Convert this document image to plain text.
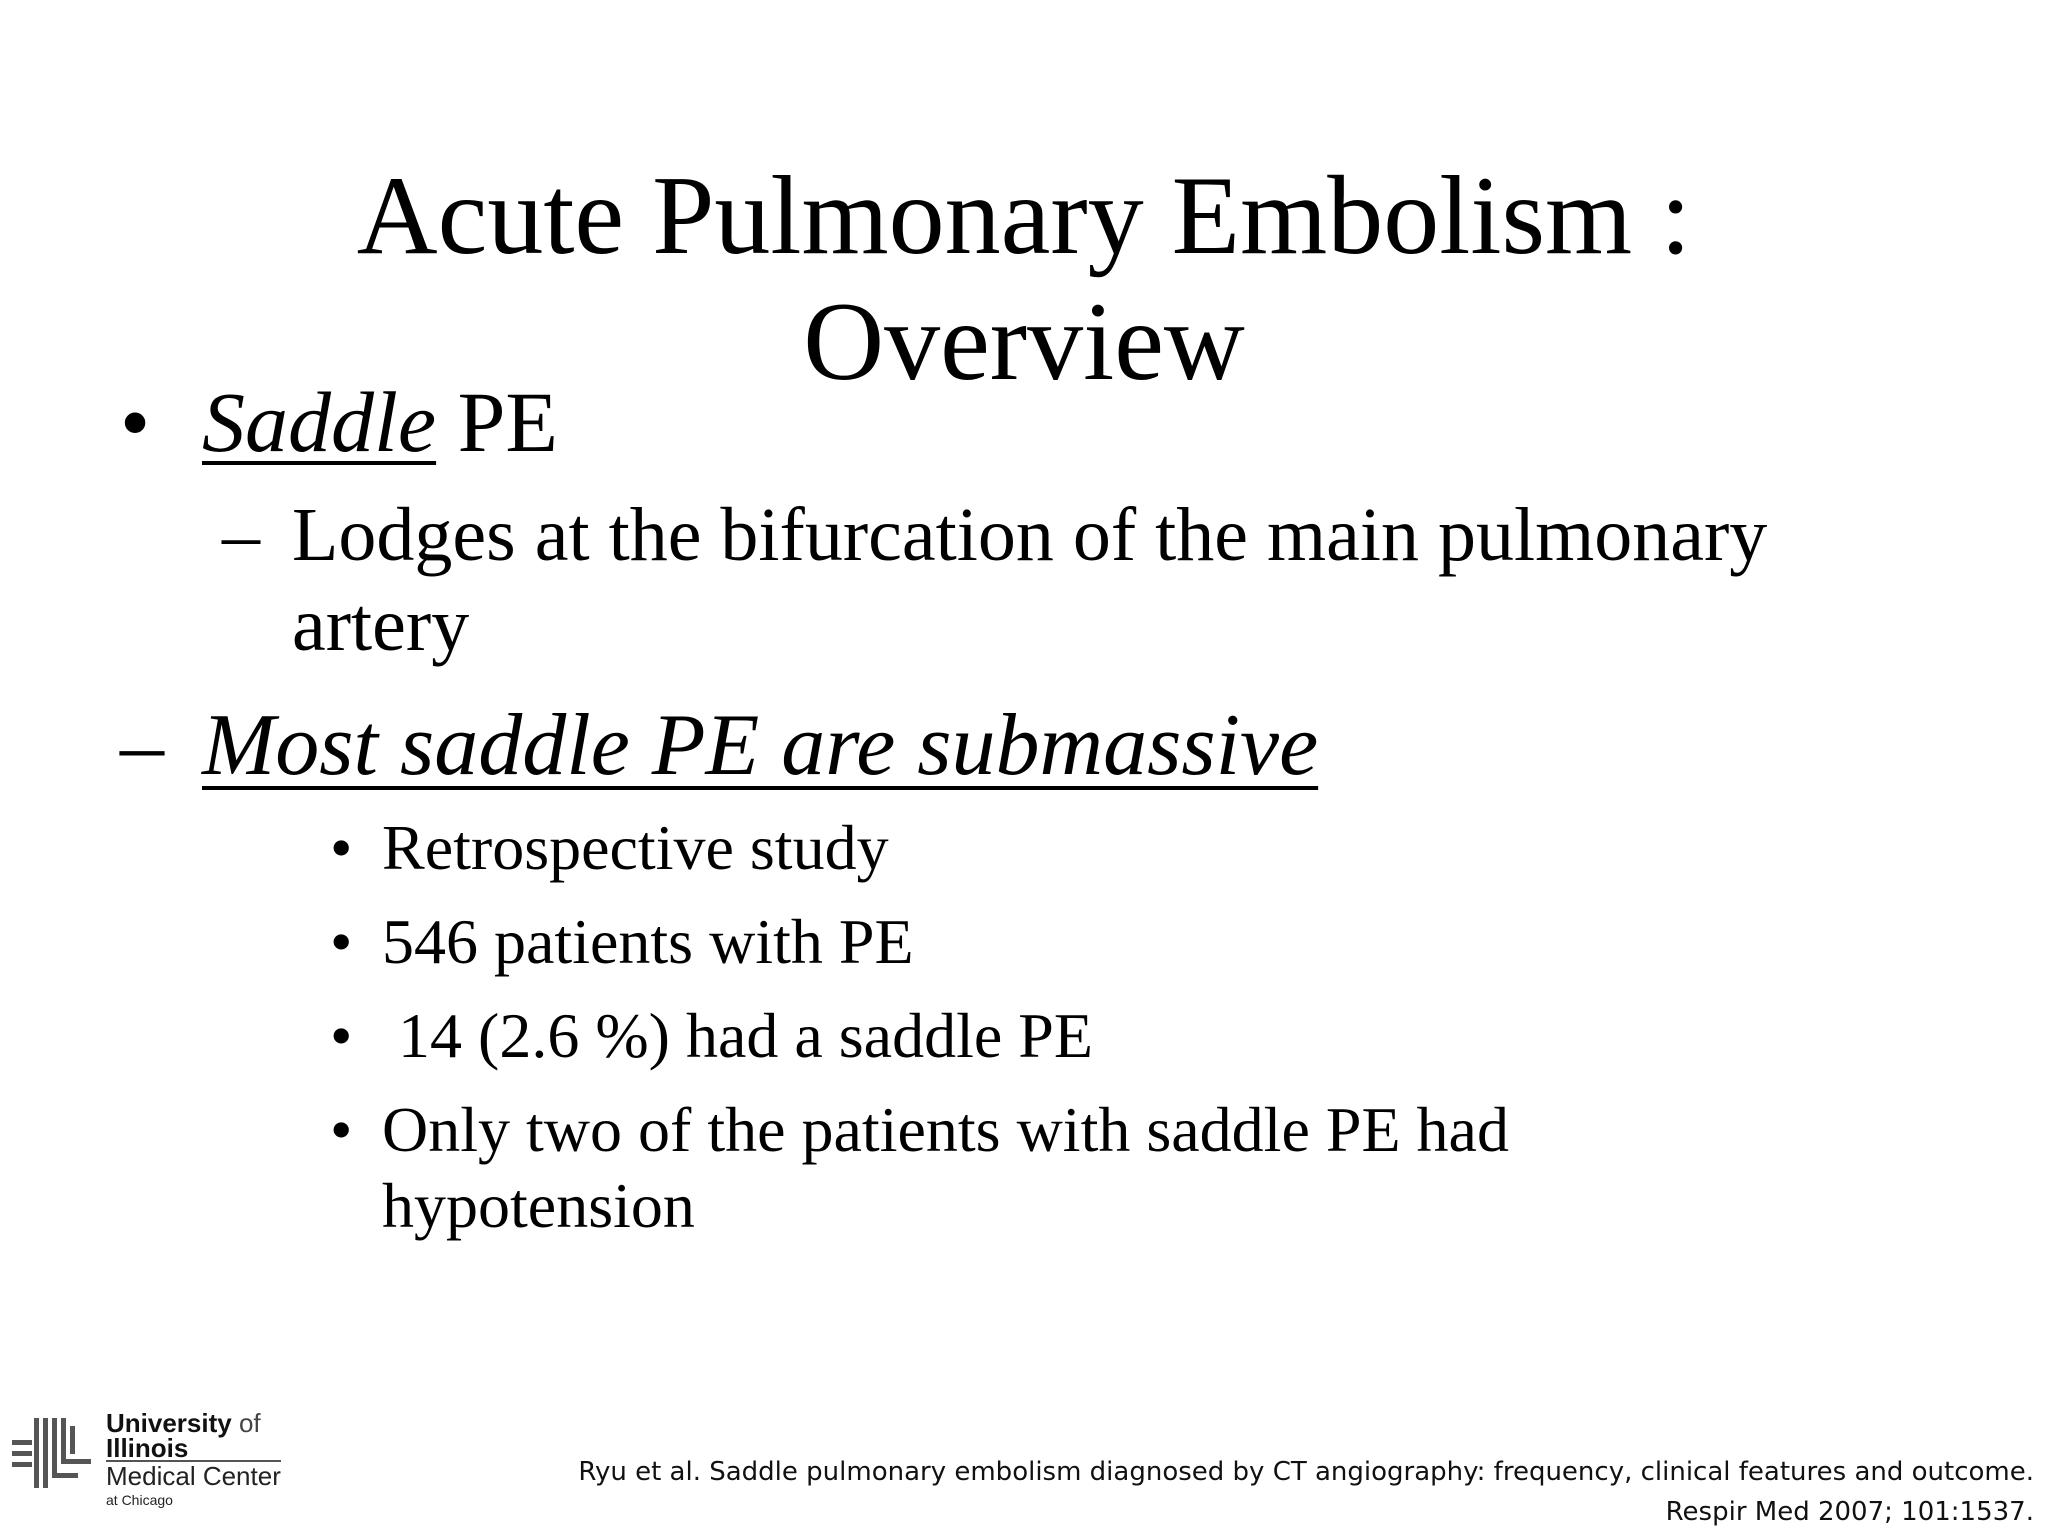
Acute Pulmonary Embolism :
Overview
• Saddle PE
– Lodges at the bifurcation of the main pulmonary artery
– Most saddle PE are submassive
• Retrospective study
• 546 patients with PE
• 14 (2.6 %) had a saddle PE
• Only two of the patients with saddle PE had hypotension
University of
Illinois
Medical Center
at Chicago
Ryu et al. Saddle pulmonary embolism diagnosed by CT angiography: frequency, clinical features and outcome.
Respir Med 2007; 101:1537.
